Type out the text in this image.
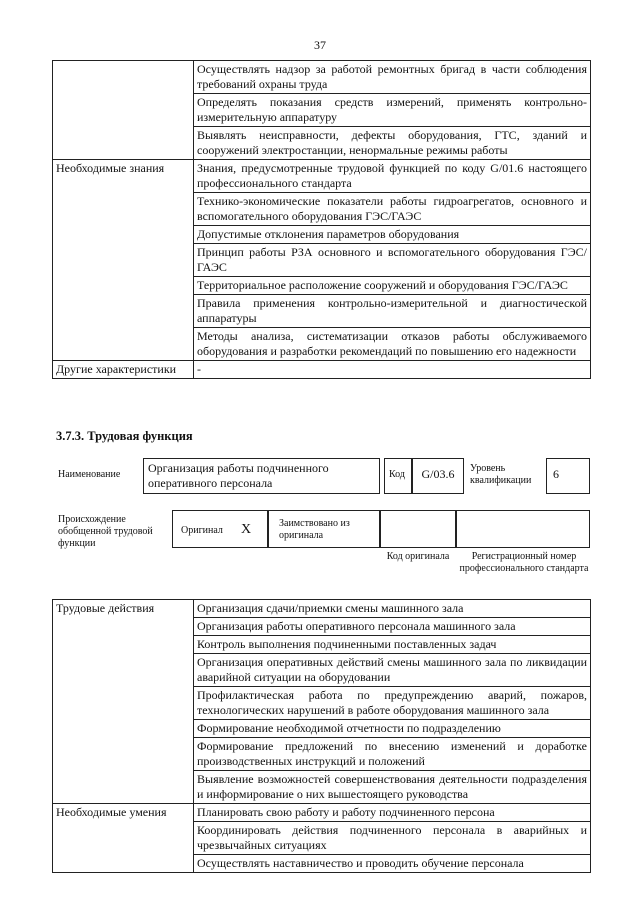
37
	Осуществлять надзор за работой ремонтных бригад в части соблюдения требований охраны труда
	Определять показания средств измерений, применять контрольно-измерительную аппаратуру
	Выявлять неисправности, дефекты оборудования, ГТС, зданий и сооружений электростанции, ненормальные режимы работы
Необходимые знания	Знания, предусмотренные трудовой функцией по коду G/01.6 настоящего профессионального стандарта
	Технико-экономические показатели работы гидроагрегатов, основного и вспомогательного оборудования ГЭС/ГАЭС
	Допустимые отклонения параметров оборудования
	Принцип работы РЗА основного и вспомогательного оборудования ГЭС/ГАЭС
	Территориальное расположение сооружений и оборудования ГЭС/ГАЭС
	Правила применения контрольно-измерительной и диагностической аппаратуры
	Методы анализа, систематизации отказов работы обслуживаемого оборудования и разработки рекомендаций по повышению его надежности
Другие характеристики	-
3.7.3. Трудовая функция
Наименование	Организация работы подчиненного оперативного персонала
Код	G/03.6	Уровень квалификации	6
Происхождение обобщенной трудовой функции
Оригинал X	Заимствовано из оригинала
Код оригинала	Регистрационный номер профессионального стандарта
Трудовые действия	Организация сдачи/приемки смены машинного зала
	Организация работы оперативного персонала машинного зала
	Контроль выполнения подчиненными поставленных задач
	Организация оперативных действий смены машинного зала по ликвидации аварийной ситуации на оборудовании
	Профилактическая работа по предупреждению аварий, пожаров, технологических нарушений в работе оборудования машинного зала
	Формирование необходимой отчетности по подразделению
	Формирование предложений по внесению изменений и доработке производственных инструкций и положений
	Выявление возможностей совершенствования деятельности подразделения и информирование о них вышестоящего руководства
Необходимые умения	Планировать свою работу и работу подчиненного персона
	Координировать действия подчиненного персонала в аварийных и чрезвычайных ситуациях
	Осуществлять наставничество и проводить обучение персонала
